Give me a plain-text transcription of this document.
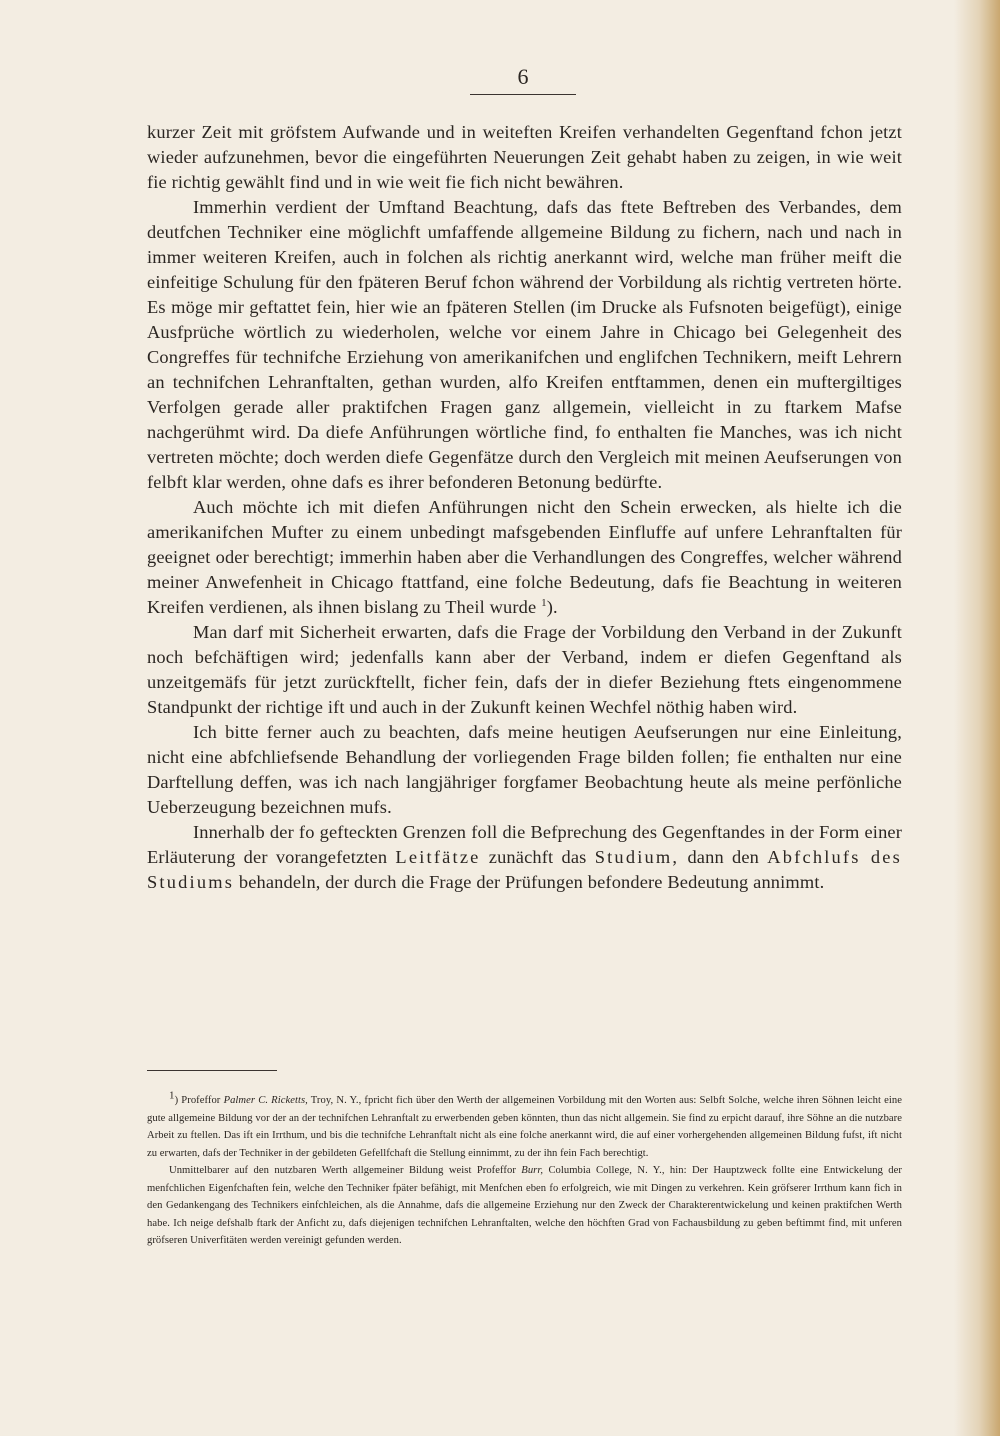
6

kurzer Zeit mit gröfstem Aufwande und in weiteften Kreifen verhandelten Gegenftand fchon jetzt wieder aufzunehmen, bevor die eingeführten Neuerungen Zeit gehabt haben zu zeigen, in wie weit fie richtig gewählt find und in wie weit fie fich nicht bewähren.

Immerhin verdient der Umftand Beachtung, dafs das ftete Beftreben des Verbandes, dem deutfchen Techniker eine möglichft umfaffende allgemeine Bildung zu fichern, nach und nach in immer weiteren Kreifen, auch in folchen als richtig anerkannt wird, welche man früher meift die einfeitige Schulung für den fpäteren Beruf fchon während der Vorbildung als richtig vertreten hörte. Es möge mir geftattet fein, hier wie an fpäteren Stellen (im Drucke als Fufsnoten beigefügt), einige Ausfprüche wörtlich zu wiederholen, welche vor einem Jahre in Chicago bei Gelegenheit des Congreffes für technifche Erziehung von amerikanifchen und englifchen Technikern, meift Lehrern an technifchen Lehranftalten, gethan wurden, alfo Kreifen entftammen, denen ein muftergiltiges Verfolgen gerade aller praktifchen Fragen ganz allgemein, vielleicht in zu ftarkem Mafse nachgerühmt wird. Da diefe Anführungen wörtliche find, fo enthalten fie Manches, was ich nicht vertreten möchte; doch werden diefe Gegenfätze durch den Vergleich mit meinen Aeufserungen von felbft klar werden, ohne dafs es ihrer befonderen Betonung bedürfte.

Auch möchte ich mit diefen Anführungen nicht den Schein erwecken, als hielte ich die amerikanifchen Mufter zu einem unbedingt mafsgebenden Einfluffe auf unfere Lehranftalten für geeignet oder berechtigt; immerhin haben aber die Verhandlungen des Congreffes, welcher während meiner Anwefenheit in Chicago ftattfand, eine folche Bedeutung, dafs fie Beachtung in weiteren Kreifen verdienen, als ihnen bislang zu Theil wurde $^1$).

Man darf mit Sicherheit erwarten, dafs die Frage der Vorbildung den Verband in der Zukunft noch befchäftigen wird; jedenfalls kann aber der Verband, indem er diefen Gegenftand als unzeitgemäfs für jetzt zurückftellt, ficher fein, dafs der in diefer Beziehung ftets eingenommene Standpunkt der richtige ift und auch in der Zukunft keinen Wechfel nöthig haben wird.

Ich bitte ferner auch zu beachten, dafs meine heutigen Aeufserungen nur eine Einleitung, nicht eine abfchliefsende Behandlung der vorliegenden Frage bilden follen; fie enthalten nur eine Darftellung deffen, was ich nach langjähriger forgfamer Beobachtung heute als meine perfönliche Ueberzeugung bezeichnen mufs.

Innerhalb der fo gefteckten Grenzen foll die Befprechung des Gegenftandes in der Form einer Erläuterung der vorangefetzten Leitfätze zunächft das Studium, dann den Abfchlufs des Studiums behandeln, der durch die Frage der Prüfungen befondere Bedeutung annimmt.

$^1$) Profeffor Palmer C. Ricketts, Troy, N. Y., fpricht fich über den Werth der allgemeinen Vorbildung mit den Worten aus: Selbft Solche, welche ihren Söhnen leicht eine gute allgemeine Bildung vor der an der technifchen Lehranftalt zu erwerbenden geben könnten, thun das nicht allgemein. Sie find zu erpicht darauf, ihre Söhne an die nutzbare Arbeit zu ftellen. Das ift ein Irrthum, und bis die technifche Lehranftalt nicht als eine folche anerkannt wird, die auf einer vorhergehenden allgemeinen Bildung fufst, ift nicht zu erwarten, dafs der Techniker in der gebildeten Gefellfchaft die Stellung einnimmt, zu der ihn fein Fach berechtigt.

Unmittelbarer auf den nutzbaren Werth allgemeiner Bildung weist Profeffor Burr, Columbia College, N. Y., hin: Der Hauptzweck follte eine Entwickelung der menfchlichen Eigenfchaften fein, welche den Techniker fpäter befähigt, mit Menfchen eben fo erfolgreich, wie mit Dingen zu verkehren. Kein gröfserer Irrthum kann fich in den Gedankengang des Technikers einfchleichen, als die Annahme, dafs die allgemeine Erziehung nur den Zweck der Charakterentwickelung und keinen praktifchen Werth habe. Ich neige defshalb ftark der Anficht zu, dafs diejenigen technifchen Lehranftalten, welche den höchften Grad von Fachausbildung zu geben beftimmt find, mit unferen gröfseren Univerfitäten werden vereinigt gefunden werden.
